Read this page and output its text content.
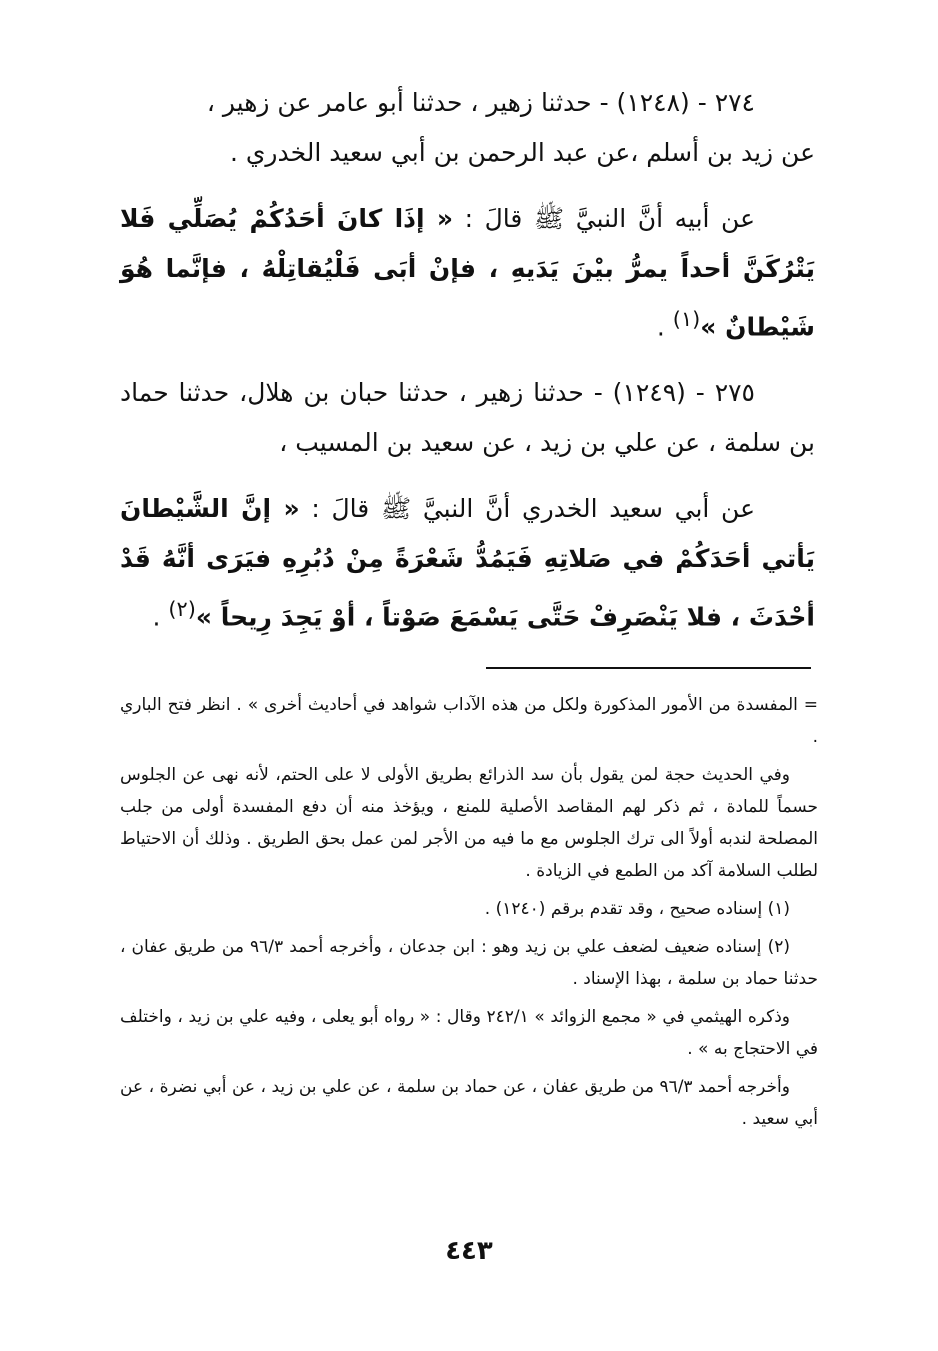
٢٧٤ - (١٢٤٨) - حدثنا زهير ، حدثنا أبو عامر عن زهير ،

عن زيد بن أسلم ،عن عبد الرحمن بن أبي سعيد الخدري .

عن أبيه أنَّ النبيَّ ﷺ قالَ : « إذَا كانَ أحَدُكُمْ يُصَلِّي فَلا يَتْرُكَنَّ أحداً يمرُّ بيْنَ يَدَيهِ ، فإنْ أبَى فَلْيُقاتِلْهُ ، فإنَّما هُوَ شَيْطانٌ »$^{(١)}$ .

٢٧٥ - (١٢٤٩) - حدثنا زهير ، حدثنا حبان بن هلال، حدثنا حماد بن سلمة ، عن علي بن زيد ، عن سعيد بن المسيب ،

عن أبي سعيد الخدري أنَّ النبيَّ ﷺ قالَ : « إنَّ الشَّيْطانَ يَأتي أحَدَكُمْ في صَلاتِهِ فَيَمُدُّ شَعْرَةً مِنْ دُبُرِهِ فيَرَى أنَّهُ قَدْ أحْدَثَ ، فلا يَنْصَرِفْ حَتَّى يَسْمَعَ صَوْتاً ، أوْ يَجِدَ رِيحاً »$^{(٢)}$ .

= المفسدة من الأمور المذكورة ولكل من هذه الآداب شواهد في أحاديث أخرى » . انظر فتح الباري .

وفي الحديث حجة لمن يقول بأن سد الذرائع بطريق الأولى لا على الحتم، لأنه نهى عن الجلوس حسماً للمادة ، ثم ذكر لهم المقاصد الأصلية للمنع ، ويؤخذ منه أن دفع المفسدة أولى من جلب المصلحة لندبه أولاً الى ترك الجلوس مع ما فيه من الأجر لمن عمل بحق الطريق . وذلك أن الاحتياط لطلب السلامة آكد من الطمع في الزيادة .

(١) إسناده صحيح ، وقد تقدم برقم (١٢٤٠) .

(٢) إسناده ضعيف لضعف علي بن زيد وهو : ابن جدعان ، وأخرجه أحمد ٩٦/٣ من طريق عفان ، حدثنا حماد بن سلمة ، بهذا الإسناد .

وذكره الهيثمي في « مجمع الزوائد » ٢٤٢/١ وقال : « رواه أبو يعلى ، وفيه علي بن زيد ، واختلف في الاحتجاج به » .

وأخرجه أحمد ٩٦/٣ من طريق عفان ، عن حماد بن سلمة ، عن علي بن زيد ، عن أبي نضرة ، عن أبي سعيد .

٤٤٣
